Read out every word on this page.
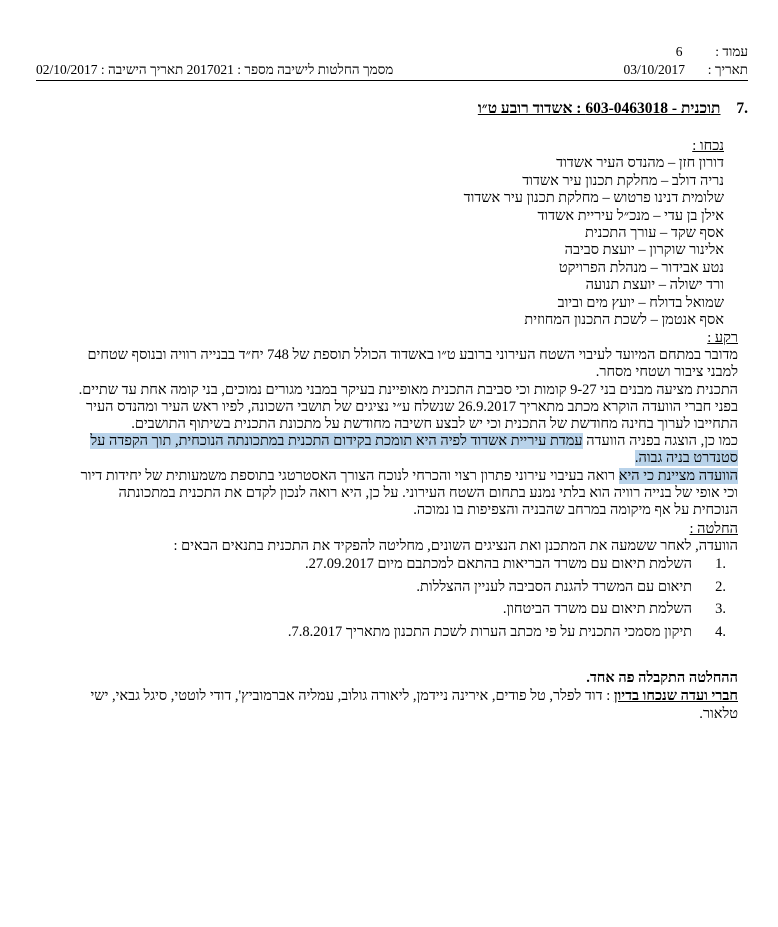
עמוד :  6
תאריך :  03/10/2017
מסמך החלטות לישיבה מספר : 2017021 תאריך הישיבה : 02/10/2017
.7 תוכנית - 603-0463018 : אשדוד רובע ט״ו
נכחו :
דורון חזן – מהנדס העיר אשדוד
נריה דולב – מחלקת תכנון עיר אשדוד
שלומית דנינו פרטוש – מחלקת תכנון עיר אשדוד
אילן בן עדי – מנכ״ל עיריית אשדוד
אסף שקד – עורך התכנית
אלינור שוקרון – יועצת סביבה
נטע אבידור – מנהלת הפרויקט
ורד ישולה – יועצת תנועה
שמואל בדולח – יועץ מים וביוב
אסף אנטמן – לשכת התכנון המחוזית
רקע :
מדובר במתחם המיועד לעיבוי השטח העירוני ברובע ט״ו באשדוד הכולל תוספת של 748 יח״ד בבנייה רוויה ובנוסף שטחים
למבני ציבור ושטחי מסחר.
התכנית מציעה מבנים בני 9-27 קומות וכי סביבת התכנית מאופיינת בעיקר במבני מגורים נמוכים, בני קומה אחת עד שתיים.
בפני חברי הוועדה הוקרא מכתב מתאריך 26.9.2017 שנשלח ע״י נציגים של תושבי השכונה, לפיו ראש העיר ומהנדס העיר
התחייבו לערוך בחינה מחודשת של התכנית וכי יש לבצע חשיבה מחודשת על מתכונת התכנית בשיתוף התושבים.
כמו כן, הוצגה בפניה הוועדה עמדת עיריית אשדוד לפיה היא תומכת בקידום התכנית במתכונתה הנוכחית, תוך הקפדה על
סטנדרט בניה גבוה.
הוועדה מציינת כי היא רואה בעיבוי עירוני פתרון רצוי והכרחי לנוכח הצורך האסטרטגי בתוספת משמעותית של יחידות דיור
וכי אופי של בנייה רוויה הוא בלתי נמנע בתחום השטח העירוני. על כן, היא רואה לנכון לקדם את התכנית במתכונתה
הנוכחית על אף מיקומה במרחב שהבניה והצפיפות בו נמוכה.
החלטה :
הוועדה, לאחר ששמעה את המתכנן ואת הנציגים השונים, מחליטה להפקיד את התכנית בתנאים הבאים :
.1השלמת תיאום עם משרד הבריאות בהתאם למכתבם מיום 27.09.2017.
.2תיאום עם המשרד להגנת הסביבה לעניין ההצללות.
.3השלמת תיאום עם משרד הביטחון.
.4תיקון מסמכי התכנית על פי מכתב הערות לשכת התכנון מתאריך 7.8.2017.
ההחלטה התקבלה פה אחד.
חברי ועדה שנכחו בדיון : דוד לפלר, טל פודים, אירינה ניידמן, ליאורה גולוב, עמליה אברמוביץ', דודי לוטטי, סיגל גבאי, ישי
טלאור.
